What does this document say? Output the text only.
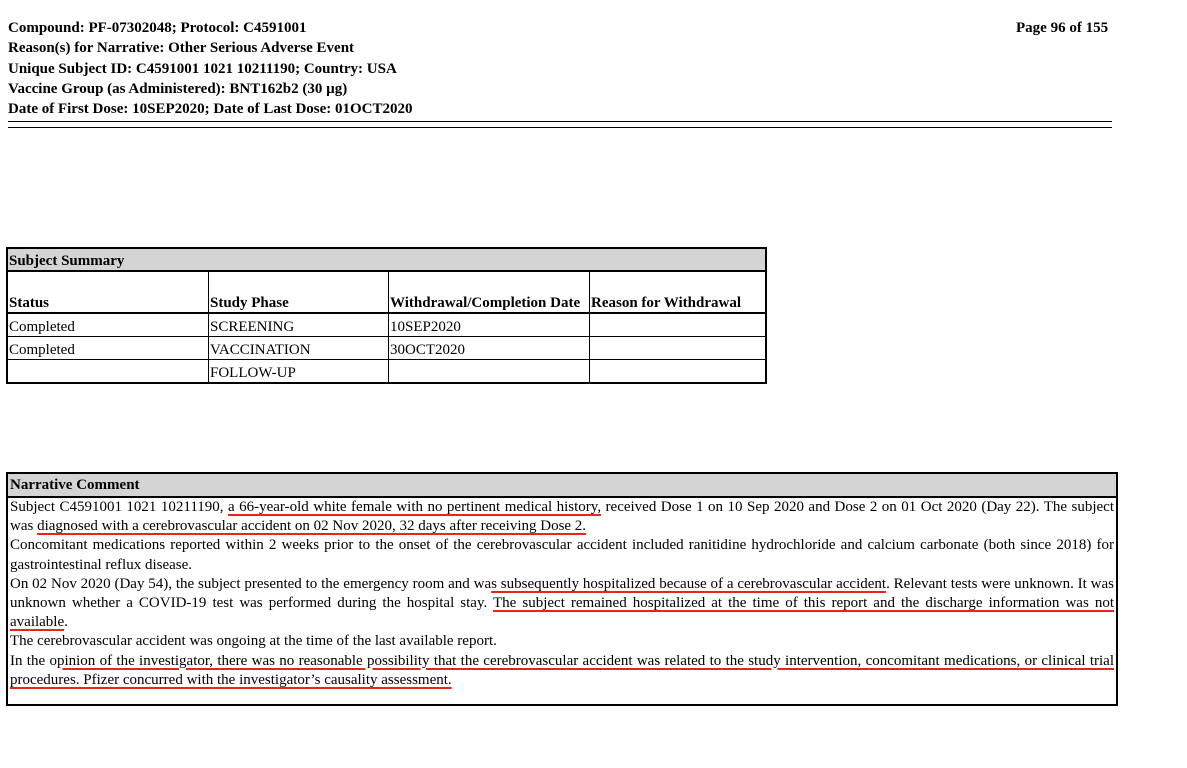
Compound: PF-07302048; Protocol: C4591001
Reason(s) for Narrative: Other Serious Adverse Event
Unique Subject ID: C4591001 1021 10211190; Country: USA
Vaccine Group (as Administered): BNT162b2 (30 µg)
Date of First Dose: 10SEP2020; Date of Last Dose: 01OCT2020
Page 96 of 155
Subject Summary			
Status	Study Phase	Withdrawal/Completion Date	Reason for Withdrawal
Completed	SCREENING	10SEP2020	
Completed	VACCINATION	30OCT2020	
	FOLLOW-UP		
Narrative Comment

Subject C4591001 1021 10211190, a 66-year-old white female with no pertinent medical history, received Dose 1 on 10 Sep 2020 and Dose 2 on 01 Oct 2020 (Day 22). The subject was diagnosed with a cerebrovascular accident on 02 Nov 2020, 32 days after receiving Dose 2.
Concomitant medications reported within 2 weeks prior to the onset of the cerebrovascular accident included ranitidine hydrochloride and calcium carbonate (both since 2018) for gastrointestinal reflux disease.
On 02 Nov 2020 (Day 54), the subject presented to the emergency room and was subsequently hospitalized because of a cerebrovascular accident. Relevant tests were unknown. It was unknown whether a COVID-19 test was performed during the hospital stay. The subject remained hospitalized at the time of this report and the discharge information was not available.
The cerebrovascular accident was ongoing at the time of the last available report.
In the opinion of the investigator, there was no reasonable possibility that the cerebrovascular accident was related to the study intervention, concomitant medications, or clinical trial procedures. Pfizer concurred with the investigator’s causality assessment.
